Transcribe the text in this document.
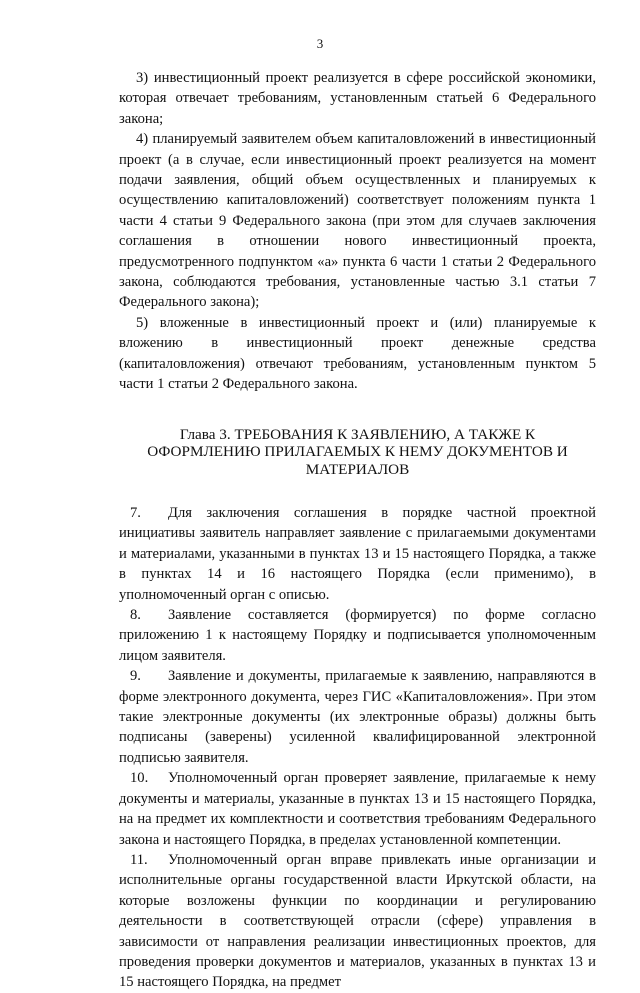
3

3) инвестиционный проект реализуется в сфере российской экономики, которая отвечает требованиям, установленным статьей 6 Федерального закона;

4) планируемый заявителем объем капиталовложений в инвестиционный проект (а в случае, если инвестиционный проект реализуется на момент подачи заявления, общий объем осуществленных и планируемых к осуществлению капиталовложений) соответствует положениям пункта 1 части 4 статьи 9 Федерального закона (при этом для случаев заключения соглашения в отношении нового инвестиционный проекта, предусмотренного подпунктом «а» пункта 6 части 1 статьи 2 Федерального закона, соблюдаются требования, установленные частью 3.1 статьи 7 Федерального закона);

5) вложенные в инвестиционный проект и (или) планируемые к вложению в инвестиционный проект денежные средства (капиталовложения) отвечают требованиям, установленным пунктом 5 части 1 статьи 2 Федерального закона.

Глава 3. ТРЕБОВАНИЯ К ЗАЯВЛЕНИЮ, А ТАКЖЕ К ОФОРМЛЕНИЮ ПРИЛАГАЕМЫХ К НЕМУ ДОКУМЕНТОВ И МАТЕРИАЛОВ

7. Для заключения соглашения в порядке частной проектной инициативы заявитель направляет заявление с прилагаемыми документами и материалами, указанными в пунктах 13 и 15 настоящего Порядка, а также в пунктах 14 и 16 настоящего Порядка (если применимо), в уполномоченный орган с описью.

8. Заявление составляется (формируется) по форме согласно приложению 1 к настоящему Порядку и подписывается уполномоченным лицом заявителя.

9. Заявление и документы, прилагаемые к заявлению, направляются в форме электронного документа, через ГИС «Капиталовложения». При этом такие электронные документы (их электронные образы) должны быть подписаны (заверены) усиленной квалифицированной электронной подписью заявителя.

10. Уполномоченный орган проверяет заявление, прилагаемые к нему документы и материалы, указанные в пунктах 13 и 15 настоящего Порядка, на на предмет их комплектности и соответствия требованиям Федерального закона и настоящего Порядка, в пределах установленной компетенции.

11. Уполномоченный орган вправе привлекать иные организации и исполнительные органы государственной власти Иркутской области, на которые возложены функции по координации и регулированию деятельности в соответствующей отрасли (сфере) управления в зависимости от направления реализации инвестиционных проектов, для проведения проверки документов и материалов, указанных в пунктах 13 и 15 настоящего Порядка, на предмет
